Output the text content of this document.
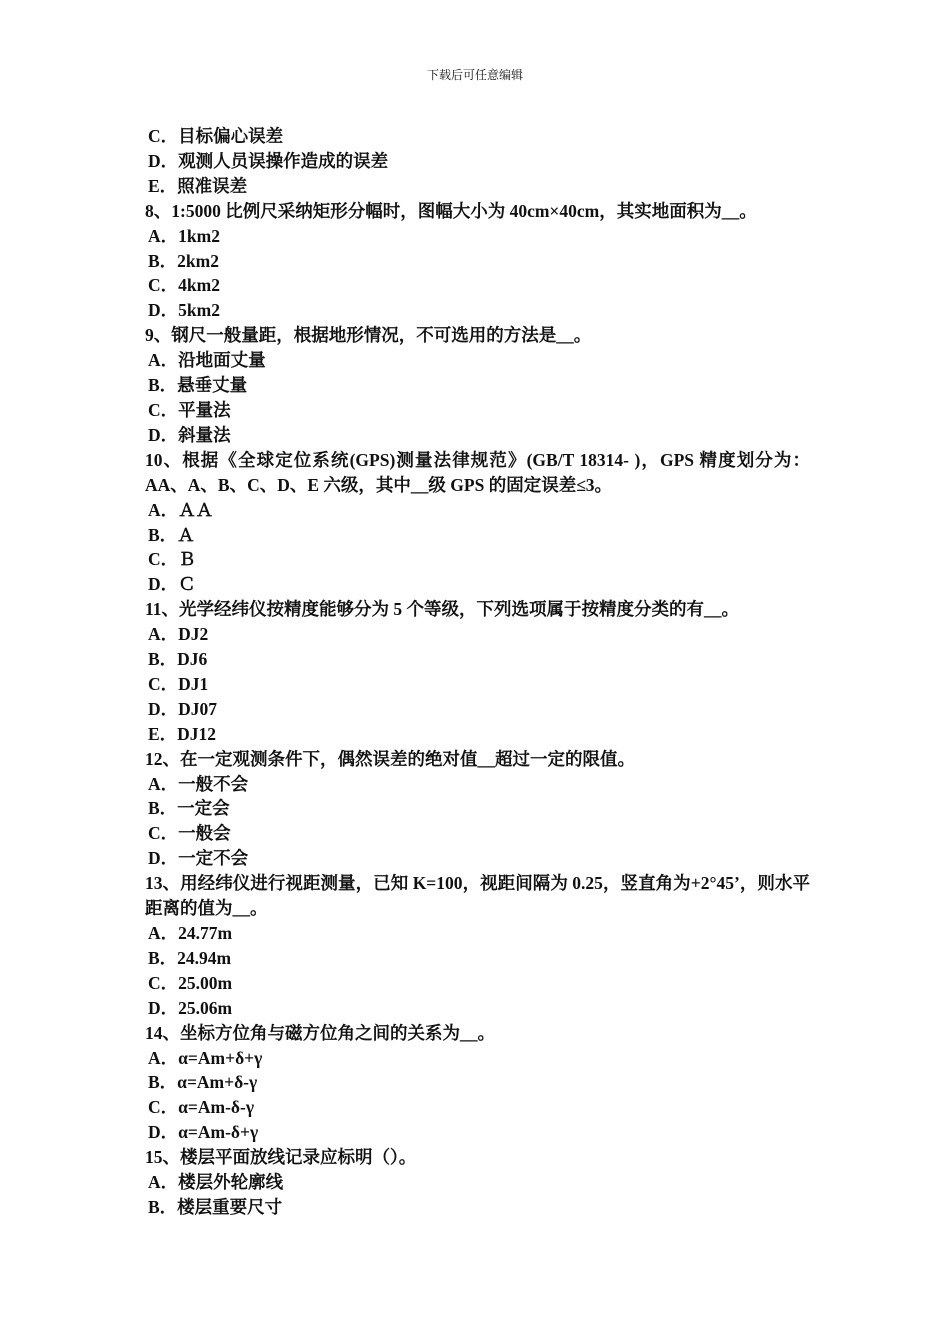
下载后可任意编辑
C．目标偏心误差
D．观测人员误操作造成的误差
E．照准误差
8、1:5000 比例尺采纳矩形分幅时，图幅大小为 40cm×40cm，其实地面积为__。
A．1km2
B．2km2
C．4km2
D．5km2
9、钢尺一般量距，根据地形情况，不可选用的方法是__。
A．沿地面丈量
B．悬垂丈量
C．平量法
D．斜量法
10、根据《全球定位系统(GPS)测量法律规范》(GB/T 18314- )，GPS 精度划分为：AA、A、B、C、D、E 六级，其中__级 GPS 的固定误差≤3。
A．ＡＡ
B．Ａ
C．Ｂ
D．Ｃ
11、光学经纬仪按精度能够分为 5 个等级，下列选项属于按精度分类的有__。
A．DJ2
B．DJ6
C．DJ1
D．DJ07
E．DJ12
12、在一定观测条件下，偶然误差的绝对值__超过一定的限值。
A．一般不会
B．一定会
C．一般会
D．一定不会
13、用经纬仪进行视距测量，已知 K=100，视距间隔为 0.25，竖直角为+2°45’，则水平距离的值为__。
A．24.77m
B．24.94m
C．25.00m
D．25.06m
14、坐标方位角与磁方位角之间的关系为__。
A．α=Am+δ+γ
B．α=Am+δ-γ
C．α=Am-δ-γ
D．α=Am-δ+γ
15、楼层平面放线记录应标明（）。
A．楼层外轮廓线
B．楼层重要尺寸
